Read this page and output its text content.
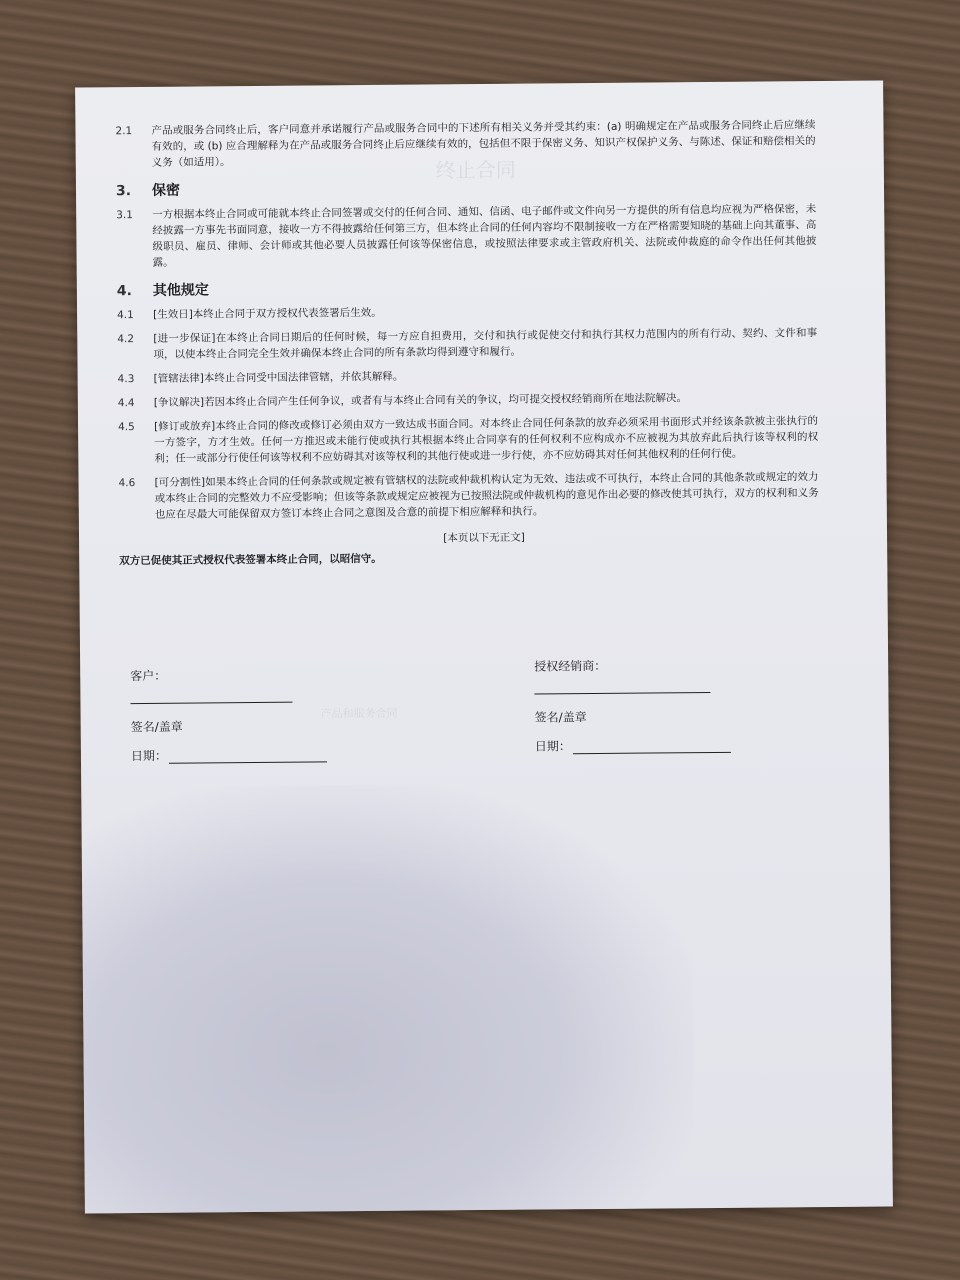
终止合同
产品和服务合同
2.1	产品或服务合同终止后，客户同意并承诺履行产品或服务合同中的下述所有相关义务并受其约束：(a) 明确规定在产品或服务合同终止后应继续有效的，或 (b) 应合理解释为在产品或服务合同终止后应继续有效的，包括但不限于保密义务、知识产权保护义务、与陈述、保证和赔偿相关的义务（如适用）。
3.	保密
3.1	一方根据本终止合同或可能就本终止合同签署或交付的任何合同、通知、信函、电子邮件或文件向另一方提供的所有信息均应视为严格保密，未经披露一方事先书面同意，接收一方不得披露给任何第三方，但本终止合同的任何内容均不限制接收一方在严格需要知晓的基础上向其董事、高级职员、雇员、律师、会计师或其他必要人员披露任何该等保密信息，或按照法律要求或主管政府机关、法院或仲裁庭的命令作出任何其他披露。
4.	其他规定
4.1	[生效日]本终止合同于双方授权代表签署后生效。
4.2	[进一步保证]在本终止合同日期后的任何时候，每一方应自担费用，交付和执行或促使交付和执行其权力范围内的所有行动、契约、文件和事项，以使本终止合同完全生效并确保本终止合同的所有条款均得到遵守和履行。
4.3	[管辖法律]本终止合同受中国法律管辖，并依其解释。
4.4	[争议解决]若因本终止合同产生任何争议，或者有与本终止合同有关的争议，均可提交授权经销商所在地法院解决。
4.5	[修订或放弃]本终止合同的修改或修订必须由双方一致达成书面合同。对本终止合同任何条款的放弃必须采用书面形式并经该条款被主张执行的一方签字，方才生效。任何一方推迟或未能行使或执行其根据本终止合同享有的任何权利不应构成亦不应被视为其放弃此后执行该等权利的权利；任一或部分行使任何该等权利不应妨碍其对该等权利的其他行使或进一步行使，亦不应妨碍其对任何其他权利的任何行使。
4.6	[可分割性]如果本终止合同的任何条款或规定被有管辖权的法院或仲裁机构认定为无效、违法或不可执行，本终止合同的其他条款或规定的效力或本终止合同的完整效力不应受影响；但该等条款或规定应被视为已按照法院或仲裁机构的意见作出必要的修改使其可执行，双方的权利和义务也应在尽最大可能保留双方签订本终止合同之意图及合意的前提下相应解释和执行。
[本页以下无正文]
双方已促使其正式授权代表签署本终止合同，以昭信守。
客户：
签名/盖章
日期：
授权经销商：
签名/盖章
日期：
